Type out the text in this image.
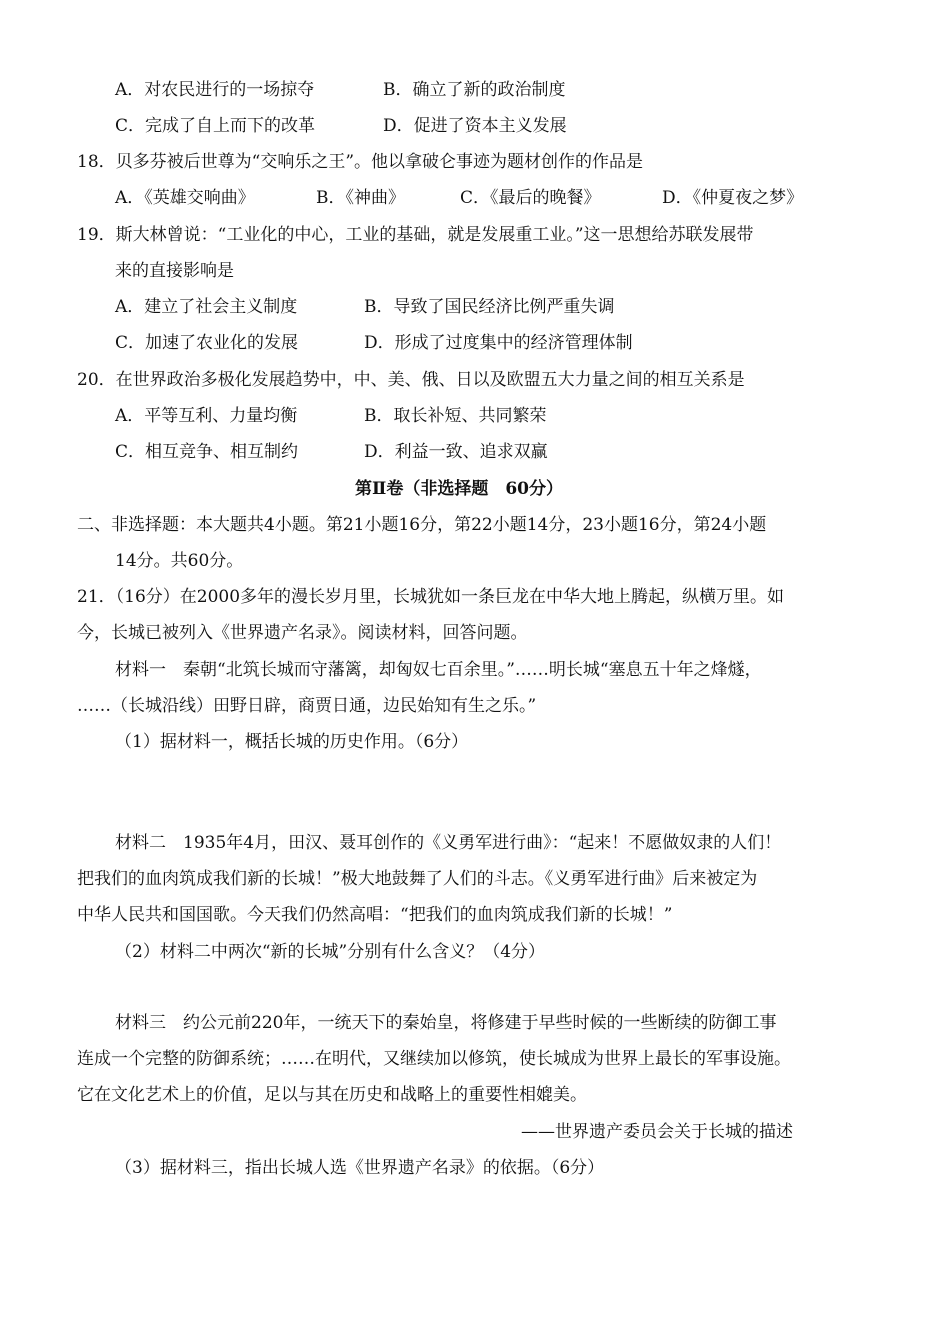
A．对农民进行的一场掠夺	B．确立了新的政治制度
C．完成了自上而下的改革	D．促进了资本主义发展
18．贝多芬被后世尊为“交响乐之王”。他以拿破仑事迹为题材创作的作品是
A．《英雄交响曲》	B．《神曲》	C．《最后的晚餐》	D．《仲夏夜之梦》
19．斯大林曾说：“工业化的中心，工业的基础，就是发展重工业。”这一思想给苏联发展带
来的直接影响是
A．建立了社会主义制度	B．导致了国民经济比例严重失调
C．加速了农业化的发展	D．形成了过度集中的经济管理体制
20．在世界政治多极化发展趋势中，中、美、俄、日以及欧盟五大力量之间的相互关系是
A．平等互利、力量均衡	B．取长补短、共同繁荣
C．相互竞争、相互制约	D．利益一致、追求双赢
第Ⅱ卷（非选择题　60分）
二、非选择题：本大题共4小题。第21小题16分，第22小题14分，23小题16分，第24小题
14分。共60分。
21．（16分）在2000多年的漫长岁月里，长城犹如一条巨龙在中华大地上腾起，纵横万里。如
今，长城已被列入《世界遗产名录》。阅读材料，回答问题。
材料一　秦朝“北筑长城而守藩篱，却匈奴七百余里。”……明长城“塞息五十年之烽燧，
……（长城沿线）田野日辟，商贾日通，边民始知有生之乐。”
（1）据材料一，概括长城的历史作用。（6分）
材料二　1935年4月，田汉、聂耳创作的《义勇军进行曲》：“起来！不愿做奴隶的人们！
把我们的血肉筑成我们新的长城！”极大地鼓舞了人们的斗志。《义勇军进行曲》后来被定为
中华人民共和国国歌。今天我们仍然高唱：“把我们的血肉筑成我们新的长城！”
（2）材料二中两次“新的长城”分别有什么含义？（4分）
材料三　约公元前220年，一统天下的秦始皇，将修建于早些时候的一些断续的防御工事
连成一个完整的防御系统；……在明代，又继续加以修筑，使长城成为世界上最长的军事设施。
它在文化艺术上的价值，足以与其在历史和战略上的重要性相媲美。
——世界遗产委员会关于长城的描述
（3）据材料三，指出长城人选《世界遗产名录》的依据。（6分）
